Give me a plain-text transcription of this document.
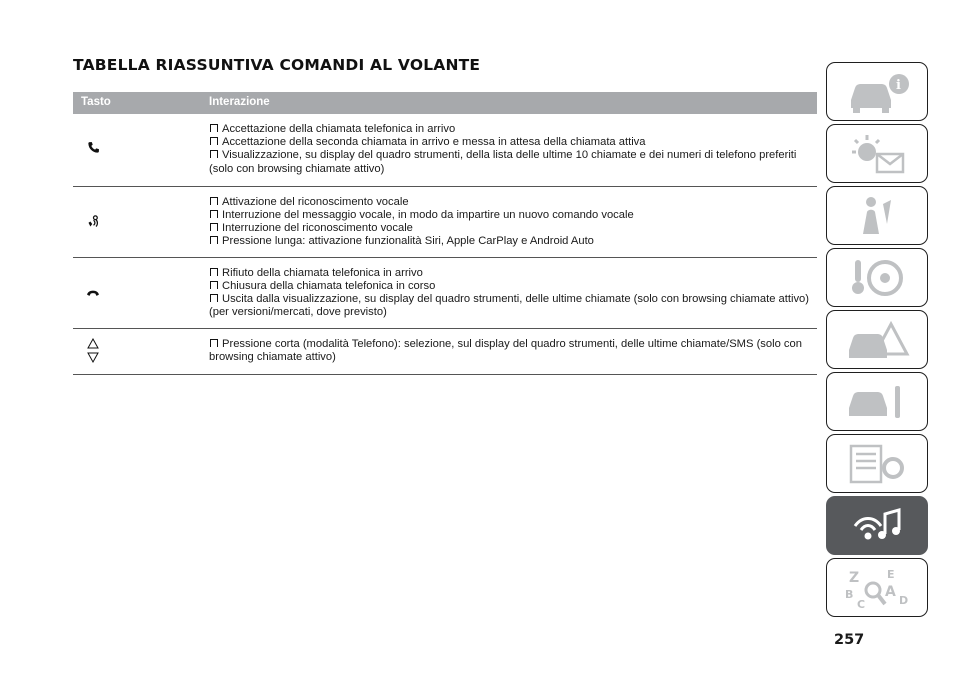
TABELLA RIASSUNTIVA COMANDI AL VOLANTE
Tasto	Interazione

Accettazione della chiamata telefonica in arrivo
Accettazione della seconda chiamata in arrivo e messa in attesa della chiamata attiva
Visualizzazione, su display del quadro strumenti, della lista delle ultime 10 chiamate e dei numeri di telefono preferiti (solo con browsing chiamate attivo)

Attivazione del riconoscimento vocale
Interruzione del messaggio vocale, in modo da impartire un nuovo comando vocale
Interruzione del riconoscimento vocale
Pressione lunga: attivazione funzionalità Siri, Apple CarPlay e Android Auto

Rifiuto della chiamata telefonica in arrivo
Chiusura della chiamata telefonica in corso
Uscita dalla visualizzazione, su display del quadro strumenti, delle ultime chiamate (solo con browsing chiamate attivo) (per versioni/mercati, dove previsto)

Pressione corta (modalità Telefono): selezione, sul display del quadro strumenti, delle ultime chiamate/SMS (solo con browsing chiamate attivo)
i
Z	E
B A
C	D
257
